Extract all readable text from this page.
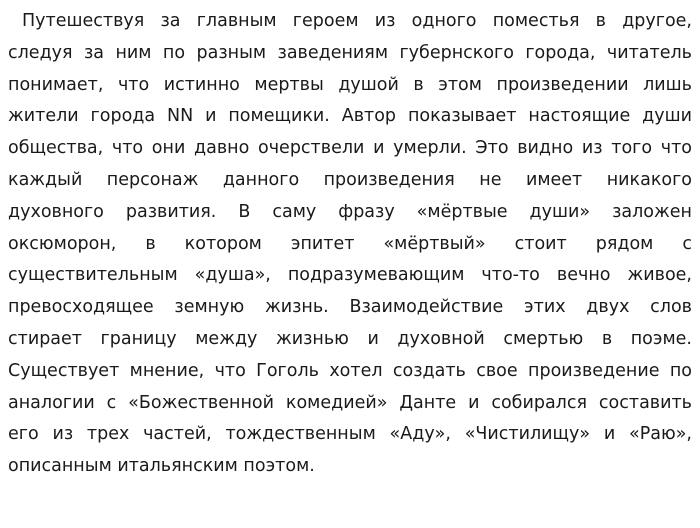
Путешествуя за главным героем из одного поместья в другое,
следуя за ним по разным заведениям губернского города, читатель
понимает, что истинно мертвы душой в этом произведении лишь
жители города NN и помещики. Автор показывает настоящие души
общества, что они давно очерствели и умерли. Это видно из того что
каждый персонаж данного произведения не имеет никакого
духовного развития. В саму фразу «мёртвые души» заложен
оксюморон, в котором эпитет «мёртвый» стоит рядом с
существительным «душа», подразумевающим что-то вечно живое,
превосходящее земную жизнь. Взаимодействие этих двух слов
стирает границу между жизнью и духовной смертью в поэме.
Существует мнение, что Гоголь хотел создать свое произведение по
аналогии с «Божественной комедией» Данте и собирался составить
его из трех частей, тождественным «Аду», «Чистилищу» и «Раю»,
описанным итальянским поэтом.
